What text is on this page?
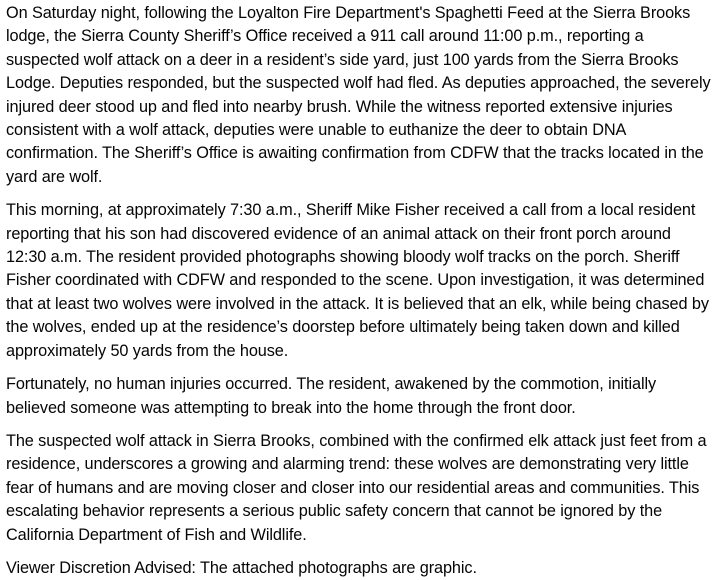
On Saturday night, following the Loyalton Fire Department's Spaghetti Feed at the Sierra Brooks lodge, the Sierra County Sheriff’s Office received a 911 call around 11:00 p.m., reporting a suspected wolf attack on a deer in a resident’s side yard, just 100 yards from the Sierra Brooks Lodge. Deputies responded, but the suspected wolf had fled. As deputies approached, the severely injured deer stood up and fled into nearby brush. While the witness reported extensive injuries consistent with a wolf attack, deputies were unable to euthanize the deer to obtain DNA confirmation. The Sheriff’s Office is awaiting confirmation from CDFW that the tracks located in the yard are wolf.

This morning, at approximately 7:30 a.m., Sheriff Mike Fisher received a call from a local resident reporting that his son had discovered evidence of an animal attack on their front porch around 12:30 a.m. The resident provided photographs showing bloody wolf tracks on the porch. Sheriff Fisher coordinated with CDFW and responded to the scene. Upon investigation, it was determined that at least two wolves were involved in the attack. It is believed that an elk, while being chased by the wolves, ended up at the residence’s doorstep before ultimately being taken down and killed approximately 50 yards from the house.

Fortunately, no human injuries occurred. The resident, awakened by the commotion, initially believed someone was attempting to break into the home through the front door.

The suspected wolf attack in Sierra Brooks, combined with the confirmed elk attack just feet from a residence, underscores a growing and alarming trend: these wolves are demonstrating very little fear of humans and are moving closer and closer into our residential areas and communities. This escalating behavior represents a serious public safety concern that cannot be ignored by the California Department of Fish and Wildlife.

Viewer Discretion Advised: The attached photographs are graphic.
